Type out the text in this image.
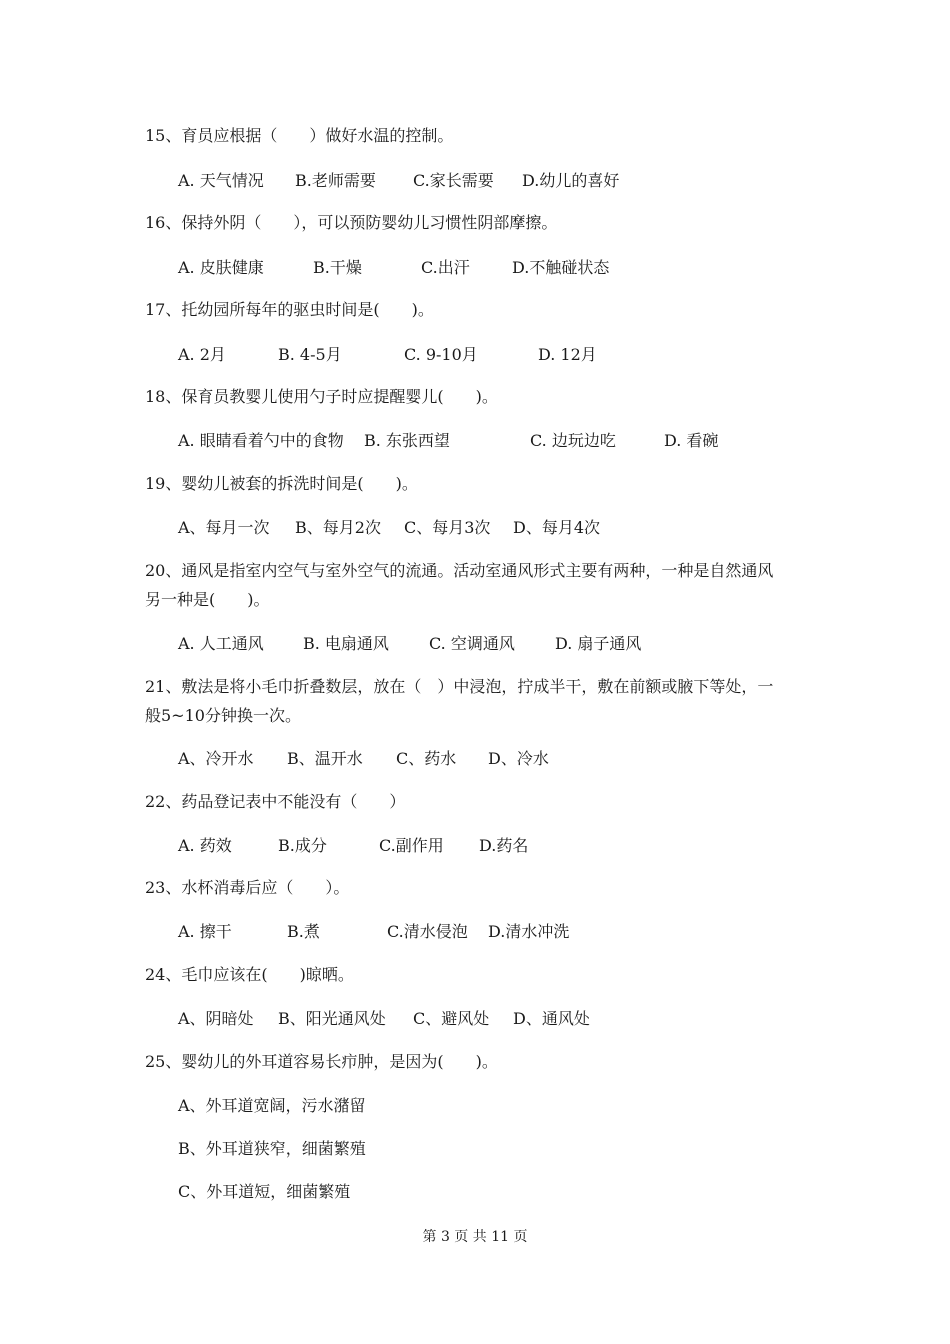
15、育员应根据（　　）做好水温的控制。
A. 天气情况 B.老师需要 C.家长需要 D.幼儿的喜好
16、保持外阴（　　），可以预防婴幼儿习惯性阴部摩擦。
A. 皮肤健康	B.干燥	C.出汗	D.不触碰状态
17、托幼园所每年的驱虫时间是(　　)。
A. 2月	B. 4-5月	C. 9-10月	D. 12月
18、保育员教婴儿使用勺子时应提醒婴儿(　　)。
A. 眼睛看着勺中的食物 B. 东张西望	C. 边玩边吃	D. 看碗
19、婴幼儿被套的拆洗时间是(　　)。
A、每月一次 B、每月2次 C、每月3次 D、每月4次
20、通风是指室内空气与室外空气的流通。活动室通风形式主要有两种，一种是自然通风
另一种是(　　)。
A. 人工通风 B. 电扇通风	C. 空调通风	D. 扇子通风
21、敷法是将小毛巾折叠数层，放在（　）中浸泡，拧成半干，敷在前额或腋下等处，一
般5~10分钟换一次。
A、冷开水 B、温开水 C、药水 D、冷水
22、药品登记表中不能没有（　　）
A. 药效	B.成分	C.副作用 D.药名
23、水杯消毒后应（　　）。
A. 擦干	B.煮	C.清水侵泡 D.清水冲洗
24、毛巾应该在(　　)晾晒。
A、阴暗处 B、阳光通风处 C、避风处 D、通风处
25、婴幼儿的外耳道容易长疖肿，是因为(　　)。
A、外耳道宽阔，污水潴留
B、外耳道狭窄，细菌繁殖
C、外耳道短，细菌繁殖
第 3 页 共 11 页
